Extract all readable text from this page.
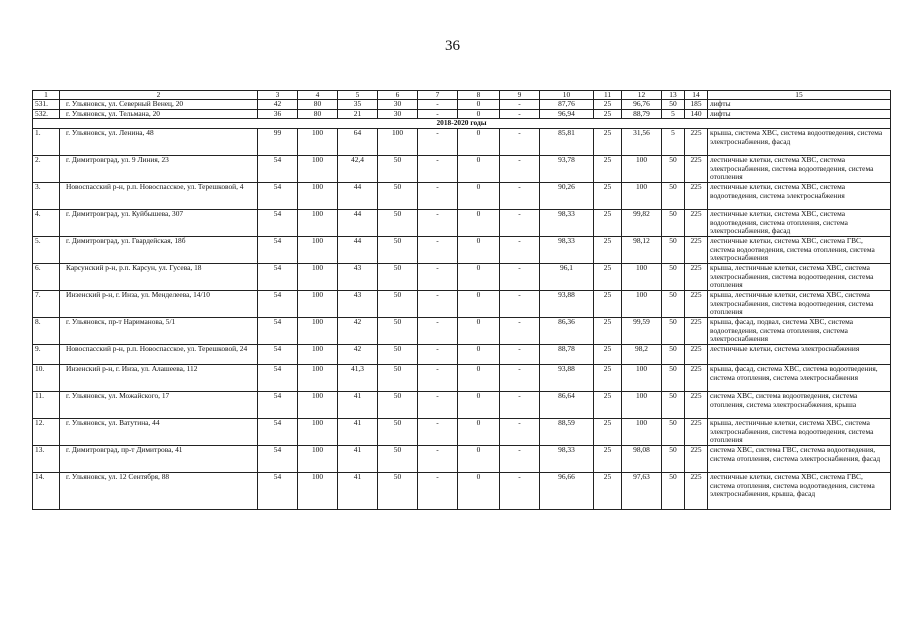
36
1	2	3	4	5	6	7	8	9	10	11	12	13	14	15
531.	г. Ульяновск, ул. Северный Венец, 20	42	80	35	30	-	0	-	87,76	25	96,76	50	185	лифты
532.	г. Ульяновск, ул. Тельмана, 20	36	80	21	30	-	0	-	96,94	25	88,79	5	140	лифты
2018-2020 годы														
1.	г. Ульяновск, ул. Ленина, 48	99	100	64	100	-	0	-	85,81	25	31,56	5	225	крыша, система ХВС, система водоотведения, система электроснабжения, фасад
2.	г. Димитровград, ул. 9 Линия, 23	54	100	42,4	50	-	0	-	93,78	25	100	50	225	лестничные клетки, система ХВС, система электроснабжения, система водоотведения, система отопления
3.	Новоспасский р-н, р.п. Новоспасское, ул. Терешковой, 4	54	100	44	50	-	0	-	90,26	25	100	50	225	лестничные клетки, система ХВС, система водоотведения, система электроснабжения
4.	г. Димитровград, ул. Куйбышева, 307	54	100	44	50	-	0	-	98,33	25	99,82	50	225	лестничные клетки, система ХВС, система водоотведения, система отопления, система электроснабжения, фасад
5.	г. Димитровград, ул. Гвардейская, 18б	54	100	44	50	-	0	-	98,33	25	98,12	50	225	лестничные клетки, система ХВС, система ГВС, система водоотведения, система отопления, система электроснабжения
6.	Карсунский р-н, р.п. Карсун, ул. Гусева, 18	54	100	43	50	-	0	-	96,1	25	100	50	225	крыша, лестничные клетки, система ХВС, система электроснабжения, система водоотведения, система отопления
7.	Инзенский р-н, г. Инза, ул. Менделеева, 14/10	54	100	43	50	-	0	-	93,88	25	100	50	225	крыша, лестничные клетки, система ХВС, система электроснабжения, система водоотведения, система отопления
8.	г. Ульяновск, пр-т Нариманова, 5/1	54	100	42	50	-	0	-	86,36	25	99,59	50	225	крыша, фасад, подвал, система ХВС, система водоотведения, система отопления, система электроснабжения
9.	Новоспасский р-н, р.п. Новоспасское, ул. Терешковой, 24	54	100	42	50	-	0	-	88,78	25	98,2	50	225	лестничные клетки, система электроснабжения
10.	Инзенский р-н, г. Инза, ул. Алашеева, 112	54	100	41,3	50	-	0	-	93,88	25	100	50	225	крыша, фасад, система ХВС, система водоотведения, система отопления, система электроснабжения
11.	г. Ульяновск, ул. Можайского, 17	54	100	41	50	-	0	-	86,64	25	100	50	225	система ХВС, система водоотведения, система отопления, система электроснабжения, крыша
12.	г. Ульяновск, ул. Ватутина, 44	54	100	41	50	-	0	-	88,59	25	100	50	225	крыша, лестничные клетки, система ХВС, система электроснабжения, система водоотведения, система отопления
13.	г. Димитровград, пр-т Димитрова, 41	54	100	41	50	-	0	-	98,33	25	98,08	50	225	система ХВС, система ГВС, система водоотведения, система отопления, система электроснабжения, фасад
14.	г. Ульяновск, ул. 12 Сентября, 88	54	100	41	50	-	0	-	96,66	25	97,63	50	225	лестничные клетки, система ХВС, система ГВС, система отопления, система водоотведения, система электроснабжения, крыша, фасад
